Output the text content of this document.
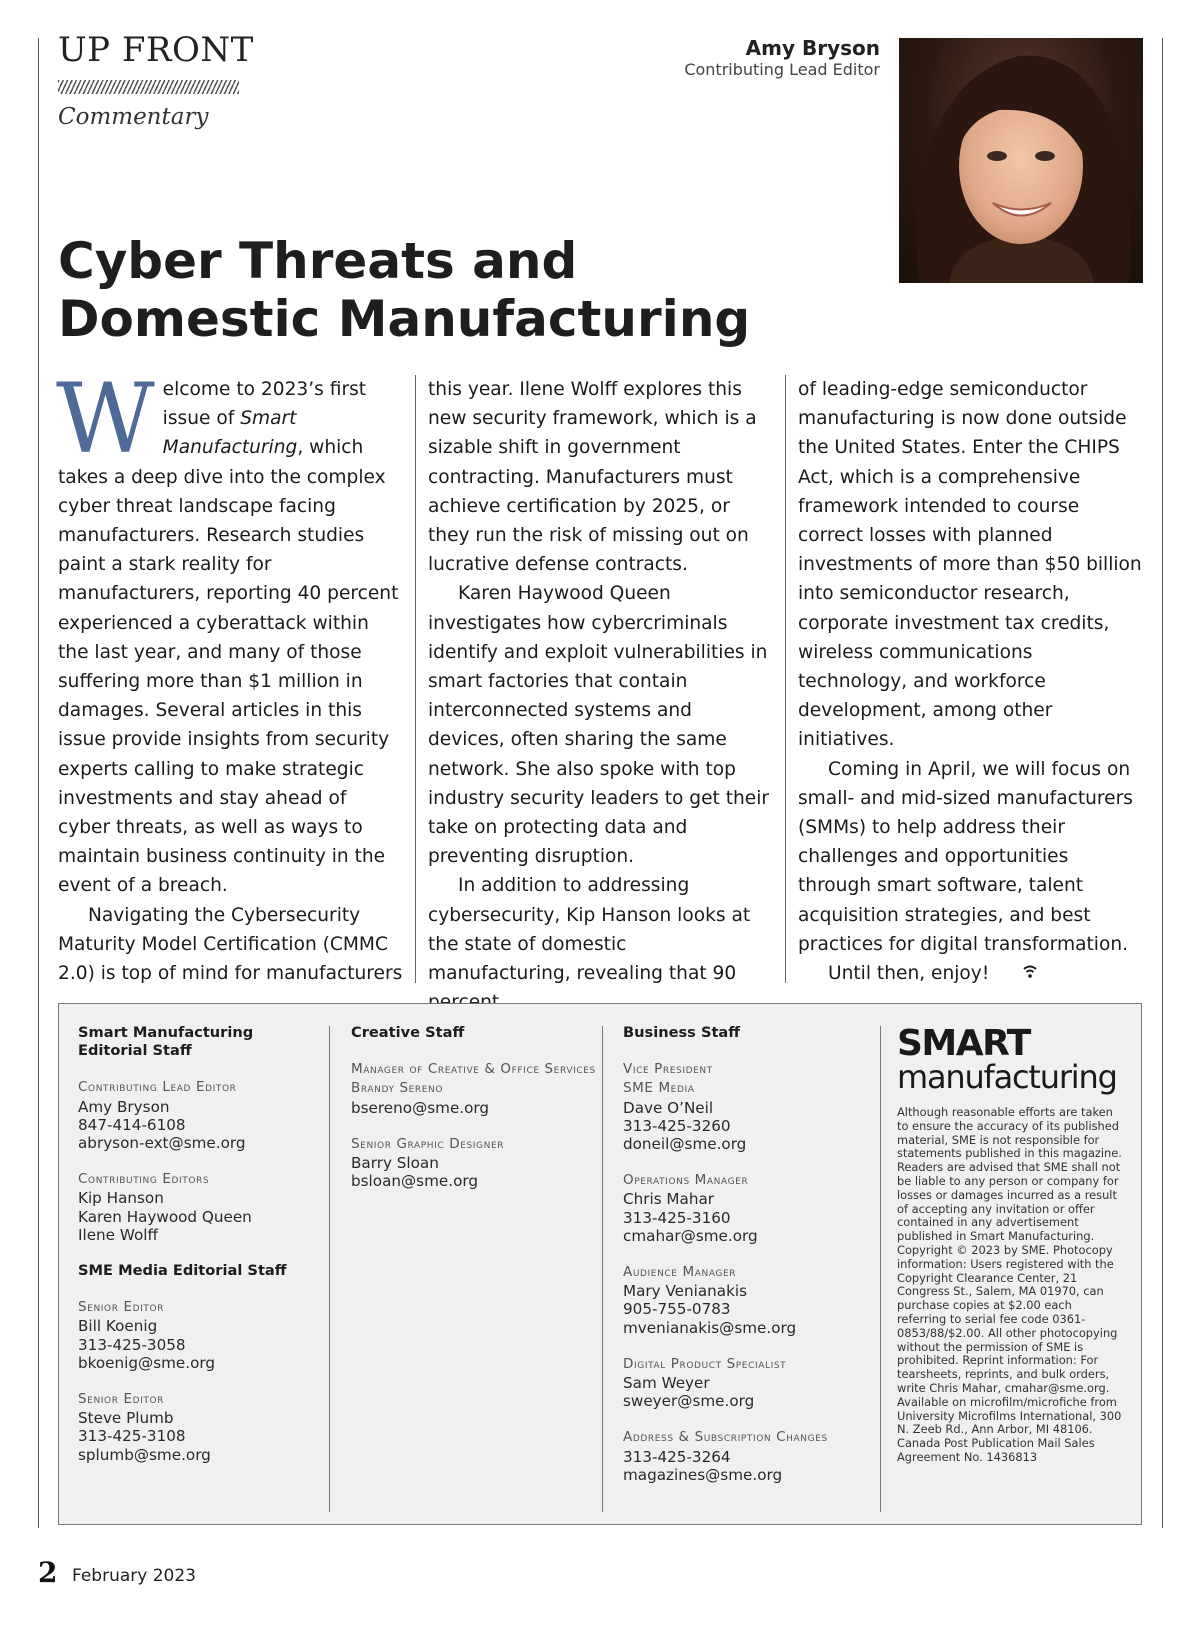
UP FRONT
Commentary
Amy Bryson
Contributing Lead Editor
Cyber Threats and
Domestic Manufacturing

Welcome to 2023’s first issue of Smart Manufacturing, which takes a deep dive into the complex cyber threat landscape facing manufacturers. Research studies paint a stark reality for manufacturers, reporting 40 percent experienced a cyberattack within the last year, and many of those suffering more than $1 million in damages. Several articles in this issue provide insights from security experts calling to make strategic investments and stay ahead of cyber threats, as well as ways to maintain business continuity in the event of a breach.

Navigating the Cybersecurity Maturity Model Certification (CMMC 2.0) is top of mind for manufacturers

this year. Ilene Wolff explores this new security framework, which is a sizable shift in government contracting. Manufacturers must achieve certification by 2025, or they run the risk of missing out on lucrative defense contracts.

Karen Haywood Queen investigates how cybercriminals identify and exploit vulnerabilities in smart factories that contain interconnected systems and devices, often sharing the same network. She also spoke with top industry security leaders to get their take on protecting data and preventing disruption.

In addition to addressing cybersecurity, Kip Hanson looks at the state of domestic manufacturing, revealing that 90

of leading-edge semiconductor manufacturing is now done outside the United States. Enter the CHIPS Act, which is a comprehensive framework intended to course correct losses with planned investments of more than $50 billion into semiconductor research, corporate investment tax credits, wireless communications technology, and workforce development, among other initiatives.

Coming in April, we will focus on small- and mid-sized manufacturers (SMMs) to help address their challenges and opportunities through smart software, talent acquisition strategies, and best practices for digital transformation.

Until then, enjoy!

Smart Manufacturing Editorial Staff
Contributing Lead Editor
Amy Bryson
847-414-6108
abryson-ext@sme.org
Contributing Editors
Kip Hanson
Karen Haywood Queen
Ilene Wolff
SME Media Editorial Staff
Senior Editor
Bill Koenig
313-425-3058
bkoenig@sme.org
Senior Editor
Steve Plumb
313-425-3108
splumb@sme.org
Creative Staff
Manager of Creative & Office Services
Brandy Sereno
bsereno@sme.org
Senior Graphic Designer
Barry Sloan
bsloan@sme.org
Business Staff
Vice President
SME Media
Dave O’Neil
313-425-3260
doneil@sme.org
Operations Manager
Chris Mahar
313-425-3160
cmahar@sme.org
Audience Manager
Mary Venianakis
905-755-0783
mvenianakis@sme.org
Digital Product Specialist
Sam Weyer
sweyer@sme.org
Address & Subscription Changes
313-425-3264
magazines@sme.org
SMART
manufacturing
Although reasonable efforts are taken to ensure the accuracy of its published material, SME is not responsible for statements published in this magazine. Readers are advised that SME shall not be liable to any person or company for losses or damages incurred as a result of accepting any invitation or offer contained in any advertisement published in Smart Manufacturing. Copyright © 2023 by SME. Photocopy information: Users registered with the Copyright Clearance Center, 21 Congress St., Salem, MA 01970, can purchase copies at $2.00 each referring to serial fee code 0361-0853/88/$2.00. All other photocopying without the permission of SME is prohibited. Reprint information: For tearsheets, reprints, and bulk orders, write Chris Mahar, cmahar@sme.org. Available on microfilm/microfiche from University Microfilms International, 300 N. Zeeb Rd., Ann Arbor, MI 48106. Canada Post Publication Mail Sales Agreement No. 1436813
2 February 2023
